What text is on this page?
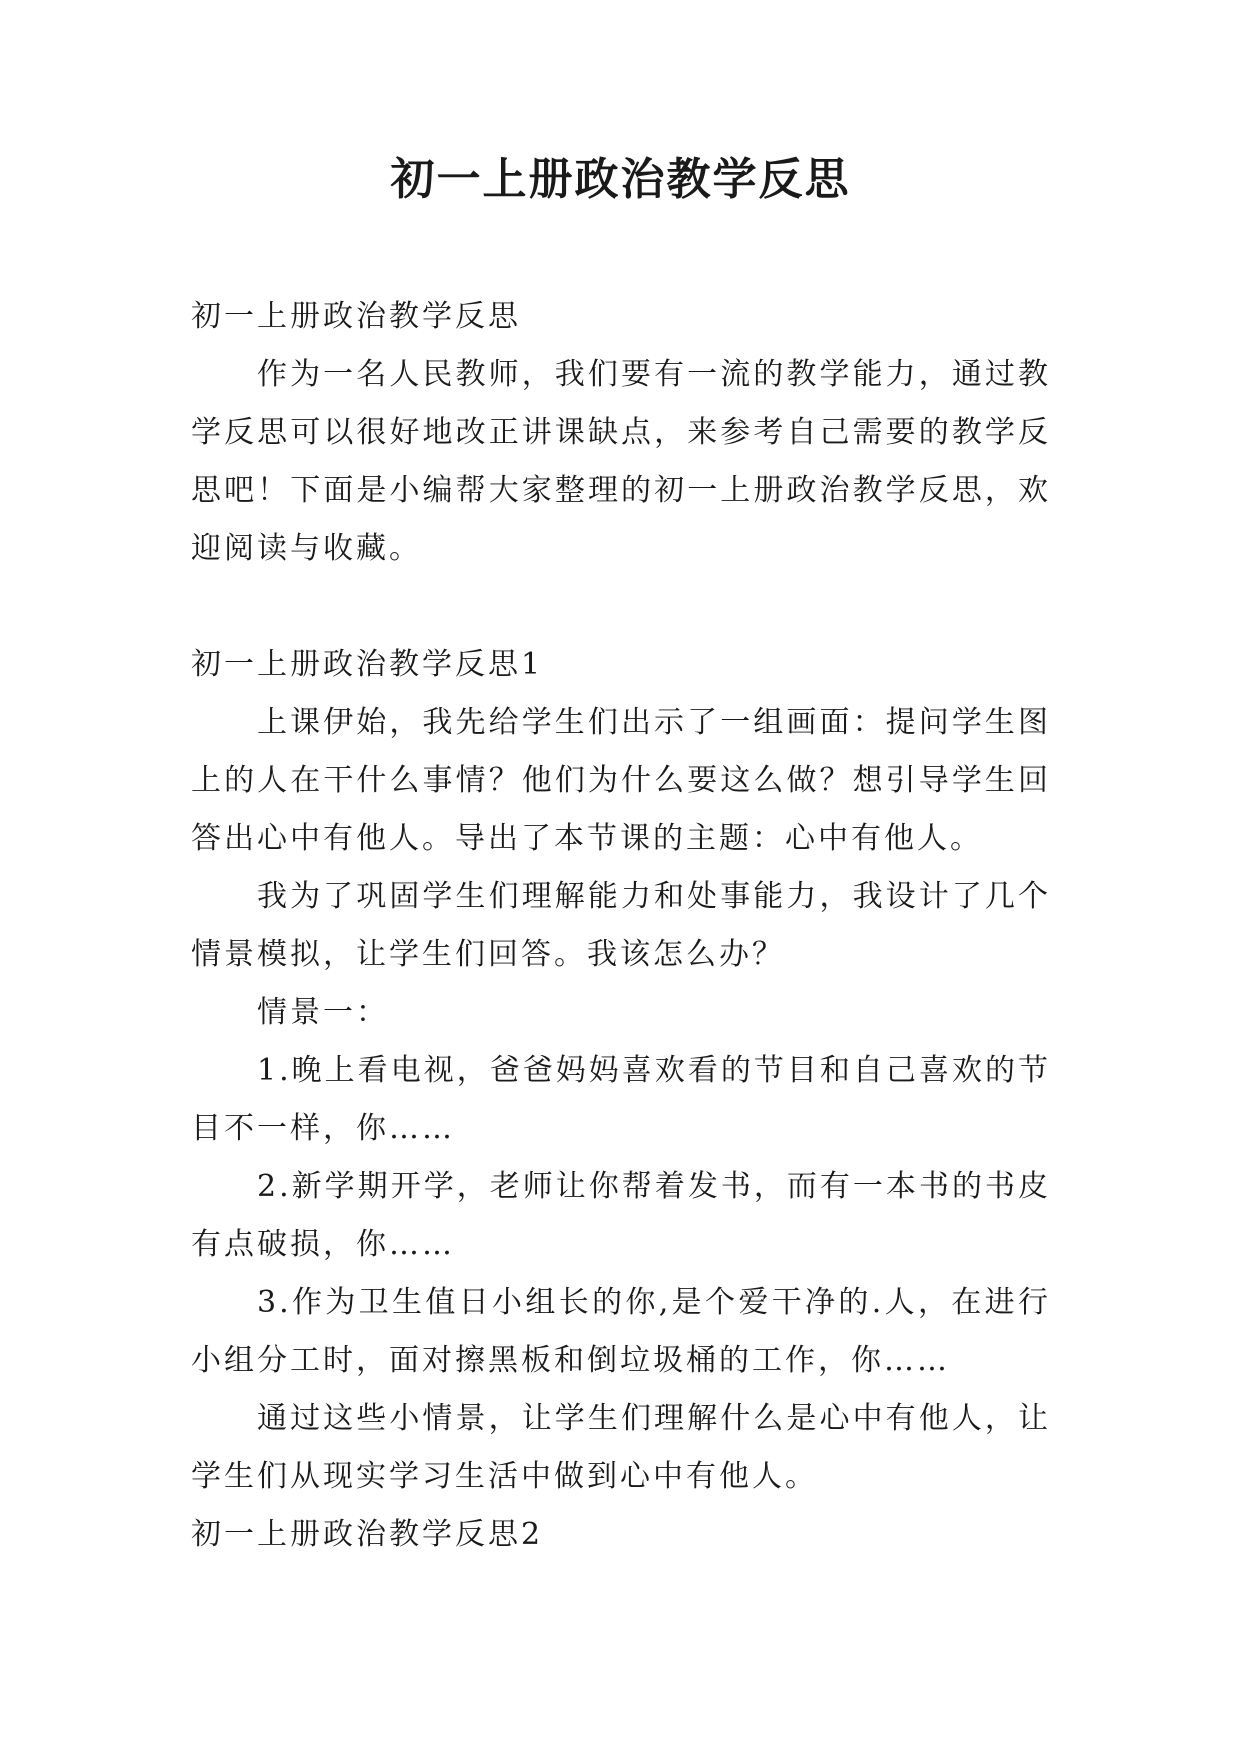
初一上册政治教学反思

初一上册政治教学反思

作为一名人民教师，我们要有一流的教学能力，通过教学反思可以很好地改正讲课缺点，来参考自己需要的教学反思吧！下面是小编帮大家整理的初一上册政治教学反思，欢迎阅读与收藏。

初一上册政治教学反思1

上课伊始，我先给学生们出示了一组画面：提问学生图上的人在干什么事情？他们为什么要这么做？想引导学生回答出心中有他人。导出了本节课的主题：心中有他人。

我为了巩固学生们理解能力和处事能力，我设计了几个情景模拟，让学生们回答。我该怎么办？

情景一：

1.晚上看电视，爸爸妈妈喜欢看的节目和自己喜欢的节目不一样，你……

2.新学期开学，老师让你帮着发书，而有一本书的书皮有点破损，你……

3.作为卫生值日小组长的你,是个爱干净的.人，在进行小组分工时，面对擦黑板和倒垃圾桶的工作，你……

通过这些小情景，让学生们理解什么是心中有他人，让学生们从现实学习生活中做到心中有他人。

初一上册政治教学反思2
